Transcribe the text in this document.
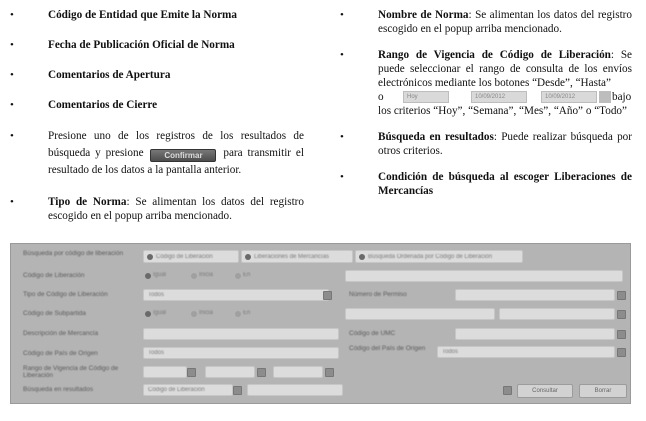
•	Código de Entidad que Emite la Norma
•	Fecha de Publicación Oficial de Norma
•	Comentarios de Apertura
•	Comentarios de Cierre
•	Presione uno de los registros de los resultados de búsqueda y presione	Confirmar para transmitir el resultado de los datos a la pantalla anterior.
•	Tipo de Norma: Se alimentan los datos del registro escogido en el popup arriba mencionado.
•	Nombre de Norma: Se alimentan los datos del registro escogido en el popup arriba mencionado.
•	Rango de Vigencia de Código de Liberación: Se puede seleccionar el rango de consulta de los envíos electrónicos mediante los botones “Desde”, “Hasta”
o	Hoy	10/09/2012	10/09/2012	bajo
los criterios “Hoy”, “Semana”, “Mes”, “Año” o “Todo”
•	Búsqueda en resultados: Puede realizar búsqueda por otros criterios.
•	Condición de búsqueda al escoger Liberaciones de Mercancías
Búsqueda por código de liberación	Código de Liberación	Liberaciones de Mercancías	Búsqueda Ordenada por Código de Liberación
Código de Liberación	Igual	Inicia	En
Tipo de Código de Liberación	Todos	Número de Permiso
Código de Subpartida	Igual	Inicia	En
Descripción de Mercancía	Código de UMC
Código de País de Origen	Todos
Código del País de Origen	Todos
Rango de Vigencia de Código de Liberación
Búsqueda en resultados	Código de Liberación	Consultar	Borrar
